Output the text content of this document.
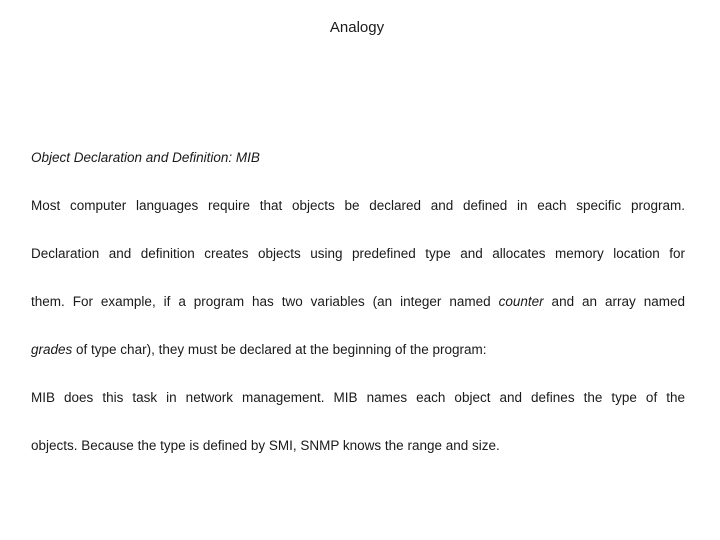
Analogy
Object Declaration and Definition: MIB
Most computer languages require that objects be declared and defined in each specific program.
Declaration and definition creates objects using predefined type and allocates memory location for
them. For example, if a program has two variables (an integer named counter and an array named
grades of type char), they must be declared at the beginning of the program:
MIB does this task in network management. MIB names each object and defines the type of the
objects. Because the type is defined by SMI, SNMP knows the range and size.
